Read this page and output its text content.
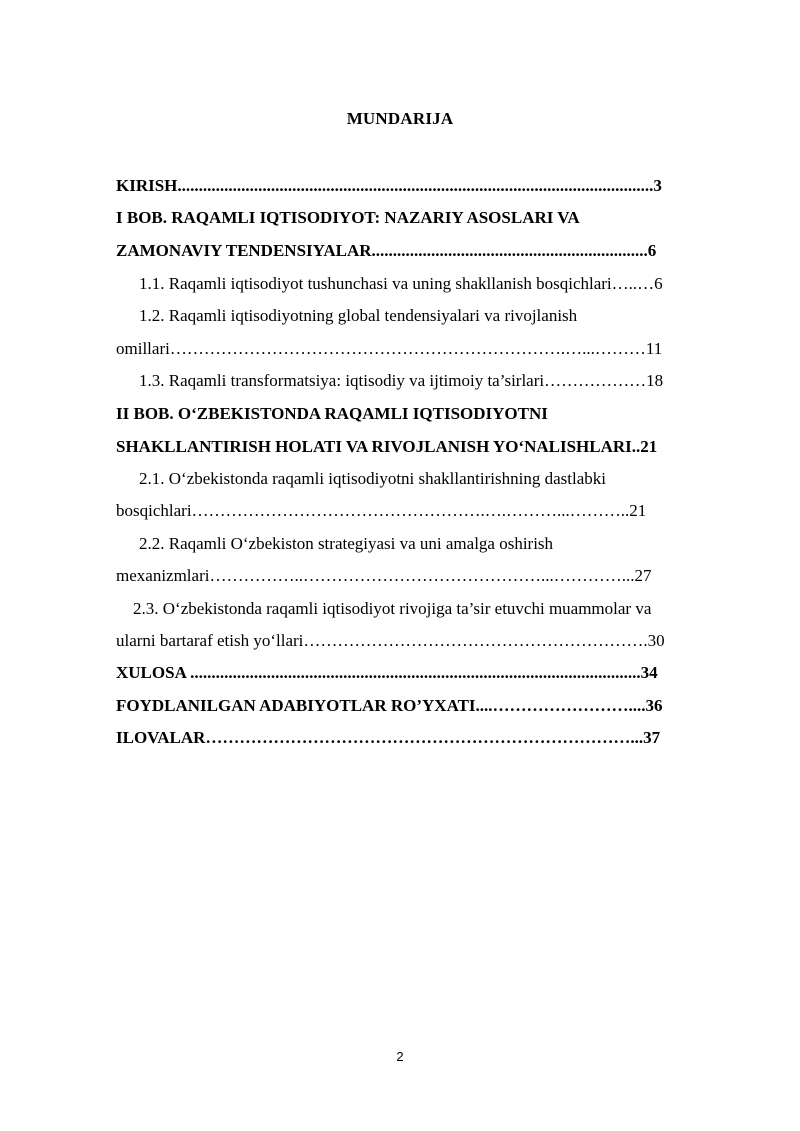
MUNDARIJA
KIRISH................................................................................................................3
I BOB. RAQAMLI IQTISODIYOT: NAZARIY ASOSLARI VA
ZAMONAVIY TENDENSIYALAR.................................................................6
1.1. Raqamli iqtisodiyot tushunchasi va uning shakllanish bosqichlari…..…6
1.2. Raqamli iqtisodiyotning global tendensiyalari va rivojlanish
omillari…………………………………………………………….…...………11
1.3. Raqamli transformatsiya: iqtisodiy va ijtimoiy ta’sirlari………………18
II BOB. O‘ZBEKISTONDA RAQAMLI IQTISODIYOTNI
SHAKLLANTIRISH HOLATI VA RIVOJLANISH YO‘NALISHLARI..21
2.1. O‘zbekistonda raqamli iqtisodiyotni shakllantirishning dastlabki
bosqichlari…………………………………………….….………...………..21
2.2. Raqamli O‘zbekiston strategiyasi va uni amalga oshirish
mexanizmlari……………..……………………………………...…………...27
2.3. O‘zbekistonda raqamli iqtisodiyot rivojiga ta’sir etuvchi muammolar va
ularni bartaraf etish yo‘llari…………………………………………………….30
XULOSA ..........................................................................................................34
FOYDLANILGAN ADABIYOTLAR RO’YXATI....……………………....36
ILOVALAR…………………………………………………………………...37
2
